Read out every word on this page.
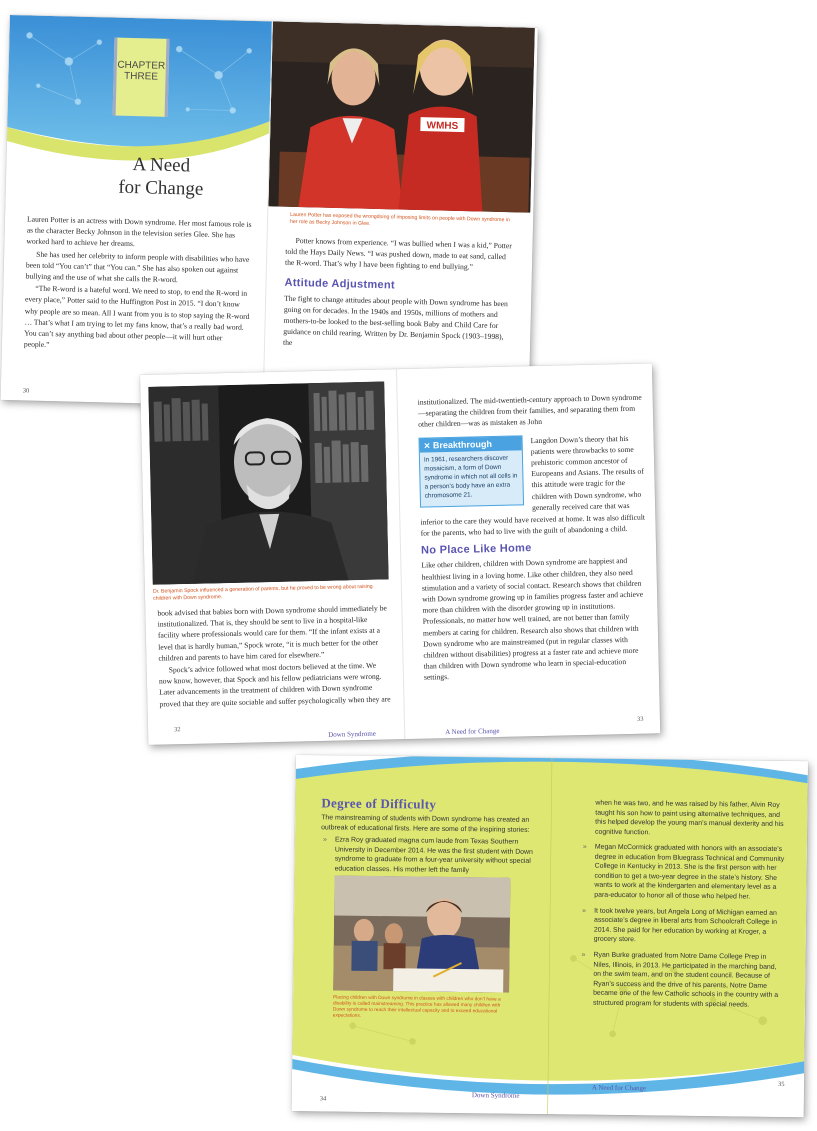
CHAPTER
THREE
A Need
for Change

Lauren Potter is an actress with Down syndrome. Her most famous role is as the character Becky Johnson in the television series Glee. She has worked hard to achieve her dreams.

She has used her celebrity to inform people with disabilities who have been told “You can’t” that “You can.” She has also spoken out against bullying and the use of what she calls the R-word.

“The R-word is a hateful word. We need to stop, to end the R-word in every place,” Potter said to the Huffington Post in 2015. “I don’t know why people are so mean. All I want from you is to stop saying the R-word … That’s what I am trying to let my fans know, that’s a really bad word. You can’t say anything bad about other people—it will hurt other people.”

30
WMHS
Lauren Potter has exposed the wrongdoing of imposing limits on people with Down syndrome in her role as Becky Johnson in Glee.

Potter knows from experience. “I was bullied when I was a kid,” Potter told the Hays Daily News. “I was pushed down, made to eat sand, called the R-word. That’s why I have been fighting to end bullying.”

Attitude Adjustment

The fight to change attitudes about people with Down syndrome has been going on for decades. In the 1940s and 1950s, millions of mothers and mothers-to-be looked to the best-selling book Baby and Child Care for guidance on child rearing. Written by Dr. Benjamin Spock (1903–1998), the

Dr. Benjamin Spock influenced a generation of parents, but he proved to be wrong about raising children with Down syndrome.

book advised that babies born with Down syndrome should immediately be institutionalized. That is, they should be sent to live in a hospital-like facility where professionals would care for them. “If the infant exists at a level that is hardly human,” Spock wrote, “it is much better for the other children and parents to have him cared for elsewhere.”

Spock’s advice followed what most doctors believed at the time. We now know, however, that Spock and his fellow pediatricians were wrong. Later advancements in the treatment of children with Down syndrome proved that they are quite sociable and suffer psychologically when they are

32	Down Syndrome

institutionalized. The mid-twentieth-century approach to Down syndrome—separating the children from their families, and separating them from other children—was as mistaken as John

✕ Breakthrough
In 1961, researchers discover mosaicism, a form of Down syndrome in which not all cells in a person’s body have an extra chromosome 21.

Langdon Down’s theory that his patients were throwbacks to some prehistoric common ancestor of Europeans and Asians. The results of this attitude were tragic for the children with Down syndrome, who generally received care that was

inferior to the care they would have received at home. It was also difficult for the parents, who had to live with the guilt of abandoning a child.

No Place Like Home

Like other children, children with Down syndrome are happiest and healthiest living in a loving home. Like other children, they also need stimulation and a variety of social contact. Research shows that children with Down syndrome growing up in families progress faster and achieve more than children with the disorder growing up in institutions. Professionals, no matter how well trained, are not better than family members at caring for children. Research also shows that children with Down syndrome who are mainstreamed (put in regular classes with children without disabilities) progress at a faster rate and achieve more than children with Down syndrome who learn in special-education settings.

A Need for Change
33
Degree of Difficulty
The mainstreaming of students with Down syndrome has created an outbreak of educational firsts. Here are some of the inspiring stories:
» Ezra Roy graduated magna cum laude from Texas Southern University in December 2014. He was the first student with Down syndrome to graduate from a four-year university without special education classes. His mother left the family
Placing children with Down syndrome in classes with children who don’t have a disability is called mainstreaming. This practice has allowed many children with Down syndrome to reach their intellectual capacity and to exceed educational expectations.
when he was two, and he was raised by his father, Alvin Roy taught his son how to paint using alternative techniques, and this helped develop the young man’s manual dexterity and his cognitive function.
» Megan McCormick graduated with honors with an associate’s degree in education from Bluegrass Technical and Community College in Kentucky in 2013. She is the first person with her condition to get a two-year degree in the state’s history. She wants to work at the kindergarten and elementary level as a para-educator to honor all of those who helped her.
» It took twelve years, but Angela Long of Michigan earned an associate’s degree in liberal arts from Schoolcraft College in 2014. She paid for her education by working at Kroger, a grocery store.
» Ryan Burke graduated from Notre Dame College Prep in Niles, Illinois, in 2013. He participated in the marching band, on the swim team, and on the student council. Because of Ryan’s success and the drive of his parents, Notre Dame became one of the few Catholic schools in the country with a structured program for students with special needs.
34	Down Syndrome
A Need for Change	35
